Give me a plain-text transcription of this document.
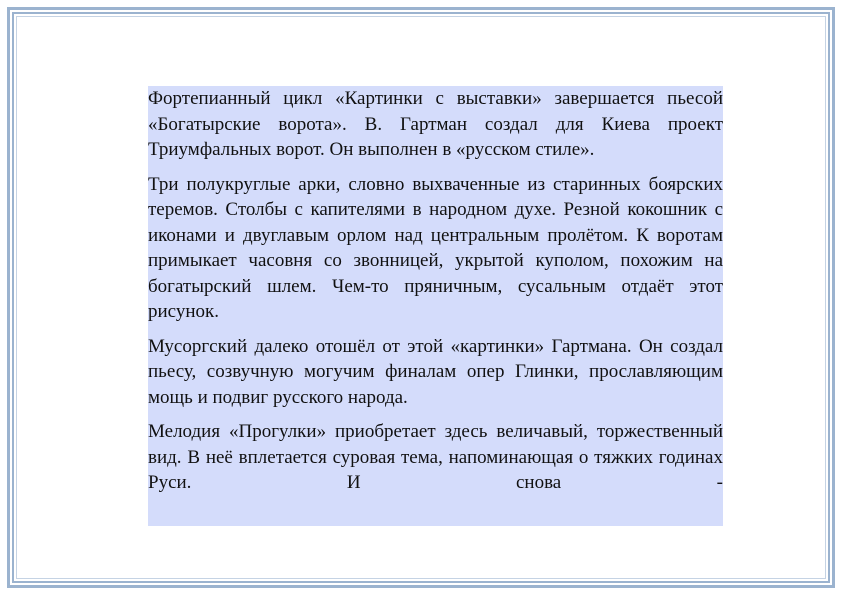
Фортепианный цикл «Картинки с выставки» завершается пьесой «Богатырские ворота». В. Гартман создал для Киева проект Триумфальных ворот. Он выполнен в «русском стиле».

Три полукруглые арки, словно выхваченные из старинных боярских теремов. Столбы с капителями в народном духе. Резной кокошник с иконами и двуглавым орлом над центральным пролётом. К воротам примыкает часовня со звонницей, укрытой куполом, похожим на богатырский шлем. Чем-то пряничным, сусальным отдаёт этот рисунок.

Мусоргский далеко отошёл от этой «картинки» Гартмана. Он создал пьесу, созвучную могучим финалам опер Глинки, прославляющим мощь и подвиг русского народа.

Мелодия «Прогулки» приобретает здесь величавый, торжественный вид. В неё вплетается суровая тема, напоминающая о тяжких годинах Руси. И снова -
